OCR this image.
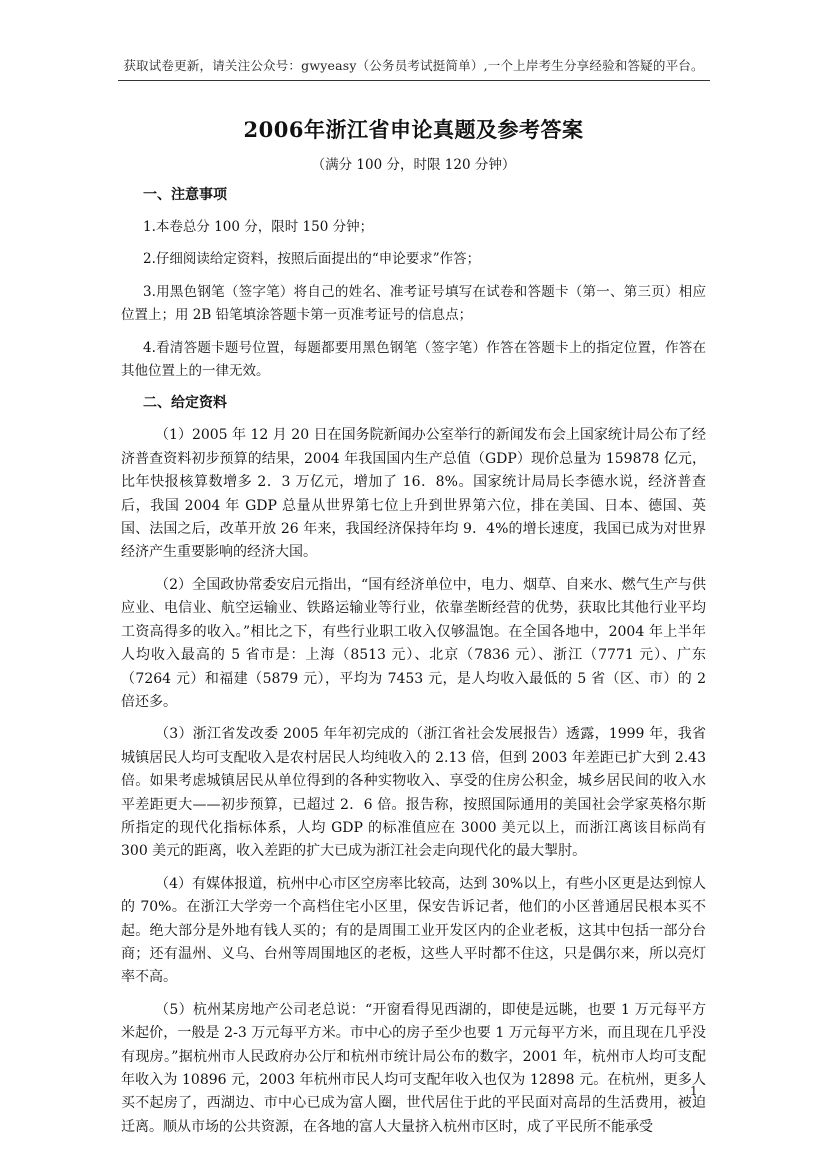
获取试卷更新，请关注公众号：gwyeasy（公务员考试挺简单）,一个上岸考生分享经验和答疑的平台。
2006年浙江省申论真题及参考答案
（满分 100 分，时限 120 分钟）
一、注意事项

1.本卷总分 100 分，限时 150 分钟；

2.仔细阅读给定资料，按照后面提出的“申论要求”作答；

3.用黑色钢笔（签字笔）将自己的姓名、准考证号填写在试卷和答题卡（第一、第三页）相应位置上；用 2B 铅笔填涂答题卡第一页准考证号的信息点；

4.看清答题卡题号位置，每题都要用黑色钢笔（签字笔）作答在答题卡上的指定位置，作答在其他位置上的一律无效。

二、给定资料

（1）2005 年 12 月 20 日在国务院新闻办公室举行的新闻发布会上国家统计局公布了经济普查资料初步预算的结果，2004 年我国国内生产总值（GDP）现价总量为 159878 亿元，比年快报核算数增多 2．3 万亿元，增加了 16．8%。国家统计局局长李德水说，经济普查后，我国 2004 年 GDP 总量从世界第七位上升到世界第六位，排在美国、日本、德国、英国、法国之后，改革开放 26 年来，我国经济保持年均 9．4%的增长速度，我国已成为对世界经济产生重要影响的经济大国。

（2）全国政协常委安启元指出，“国有经济单位中，电力、烟草、自来水、燃气生产与供应业、电信业、航空运输业、铁路运输业等行业，依靠垄断经营的优势，获取比其他行业平均工资高得多的收入。”相比之下，有些行业职工收入仅够温饱。在全国各地中，2004 年上半年人均收入最高的 5 省市是：上海（8513 元）、北京（7836 元）、浙江（7771 元）、广东（7264 元）和福建（5879 元），平均为 7453 元，是人均收入最低的 5 省（区、市）的 2 倍还多。

（3）浙江省发改委 2005 年年初完成的（浙江省社会发展报告）透露，1999 年，我省城镇居民人均可支配收入是农村居民人均纯收入的 2.13 倍，但到 2003 年差距已扩大到 2.43 倍。如果考虑城镇居民从单位得到的各种实物收入、享受的住房公积金，城乡居民间的收入水平差距更大——初步预算，已超过 2．6 倍。报告称，按照国际通用的美国社会学家英格尔斯所指定的现代化指标体系，人均 GDP 的标准值应在 3000 美元以上，而浙江离该目标尚有 300 美元的距离，收入差距的扩大已成为浙江社会走向现代化的最大掣肘。

（4）有媒体报道，杭州中心市区空房率比较高，达到 30%以上，有些小区更是达到惊人的 70%。在浙江大学旁一个高档住宅小区里，保安告诉记者，他们的小区普通居民根本买不起。绝大部分是外地有钱人买的；有的是周围工业开发区内的企业老板，这其中包括一部分台商；还有温州、义乌、台州等周围地区的老板，这些人平时都不住这，只是偶尔来，所以亮灯率不高。

（5）杭州某房地产公司老总说：“开窗看得见西湖的，即使是远眺，也要 1 万元每平方米起价，一般是 2-3 万元每平方米。市中心的房子至少也要 1 万元每平方米，而且现在几乎没有现房。”据杭州市人民政府办公厅和杭州市统计局公布的数字，2001 年，杭州市人均可支配年收入为 10896 元，2003 年杭州市民人均可支配年收入也仅为 12898 元。在杭州，更多人买不起房了，西湖边、市中心已成为富人圈，世代居住于此的平民面对高昂的生活费用，被迫迁离。顺从市场的公共资源，在各地的富人大量挤入杭州市区时，成了平民所不能承受

1
